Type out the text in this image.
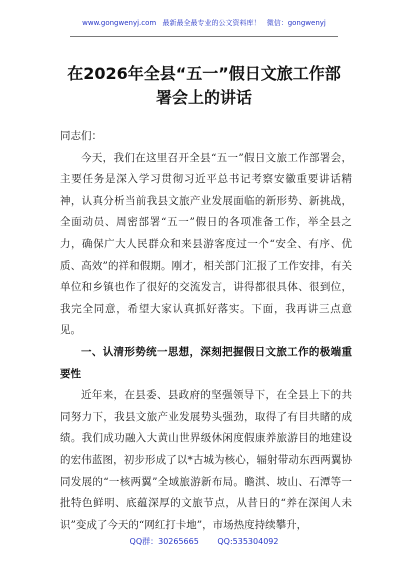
www.gongwenyj.com 最新最全最专业的公文资料库！ 微信：gongwenyj
在2026年全县“五一”假日文旅工作部
署会上的讲话

同志们：

今天，我们在这里召开全县“五一”假日文旅工作部署会，主要任务是深入学习贯彻习近平总书记考察安徽重要讲话精神，认真分析当前我县文旅产业发展面临的新形势、新挑战，全面动员、周密部署“五一”假日的各项准备工作，举全县之力，确保广大人民群众和来县游客度过一个“安全、有序、优质、高效”的祥和假期。刚才，相关部门汇报了工作安排，有关单位和乡镇也作了很好的交流发言，讲得都很具体、很到位，我完全同意，希望大家认真抓好落实。下面，我再讲三点意见。

一、认清形势统一思想，深刻把握假日文旅工作的极端重要性

近年来，在县委、县政府的坚强领导下，在全县上下的共同努力下，我县文旅产业发展势头强劲，取得了有目共睹的成绩。我们成功融入大黄山世界级休闲度假康养旅游目的地建设的宏伟蓝图，初步形成了以*古城为核心，辐射带动东西两翼协同发展的“一核两翼”全域旅游新布局。瞻淇、坡山、石潭等一批特色鲜明、底蕴深厚的文旅节点，从昔日的“养在深闺人未识”变成了今天的“网红打卡地”，市场热度持续攀升，

QQ群：30265665 QQ:535304092
